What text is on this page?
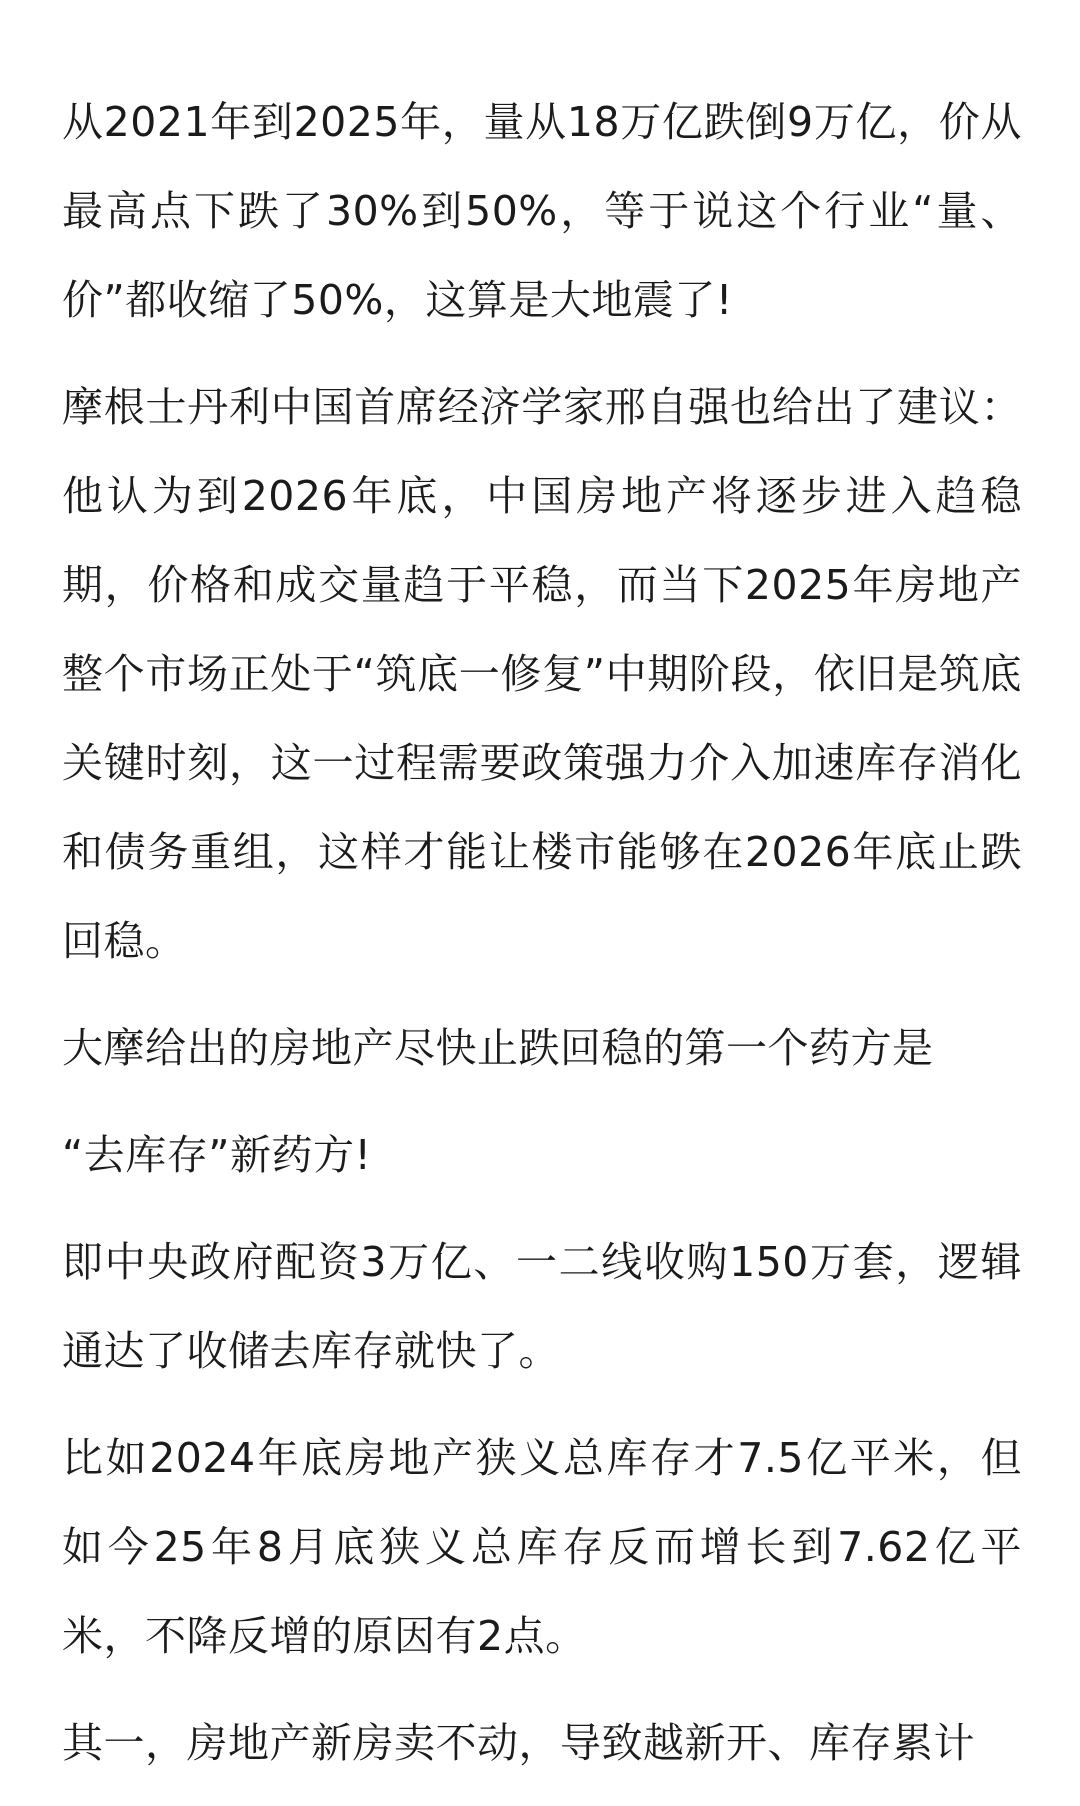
从2021年到2025年，量从18万亿跌倒9万亿，价从最高点下跌了30%到50%，等于说这个行业“量、价”都收缩了50%，这算是大地震了!

摩根士丹利中国首席经济学家邢自强也给出了建议：他认为到2026年底，中国房地产将逐步进入趋稳期，价格和成交量趋于平稳，而当下2025年房地产整个市场正处于“筑底一修复”中期阶段，依旧是筑底关键时刻，这一过程需要政策强力介入加速库存消化和债务重组，这样才能让楼市能够在2026年底止跌回稳。

大摩给出的房地产尽快止跌回稳的第一个药方是

“去库存”新药方!

即中央政府配资3万亿、一二线收购150万套，逻辑通达了收储去库存就快了。

比如2024年底房地产狭义总库存才7.5亿平米，但如今25年8月底狭义总库存反而增长到7.62亿平米，不降反增的原因有2点。

其一，房地产新房卖不动，导致越新开、库存累计
